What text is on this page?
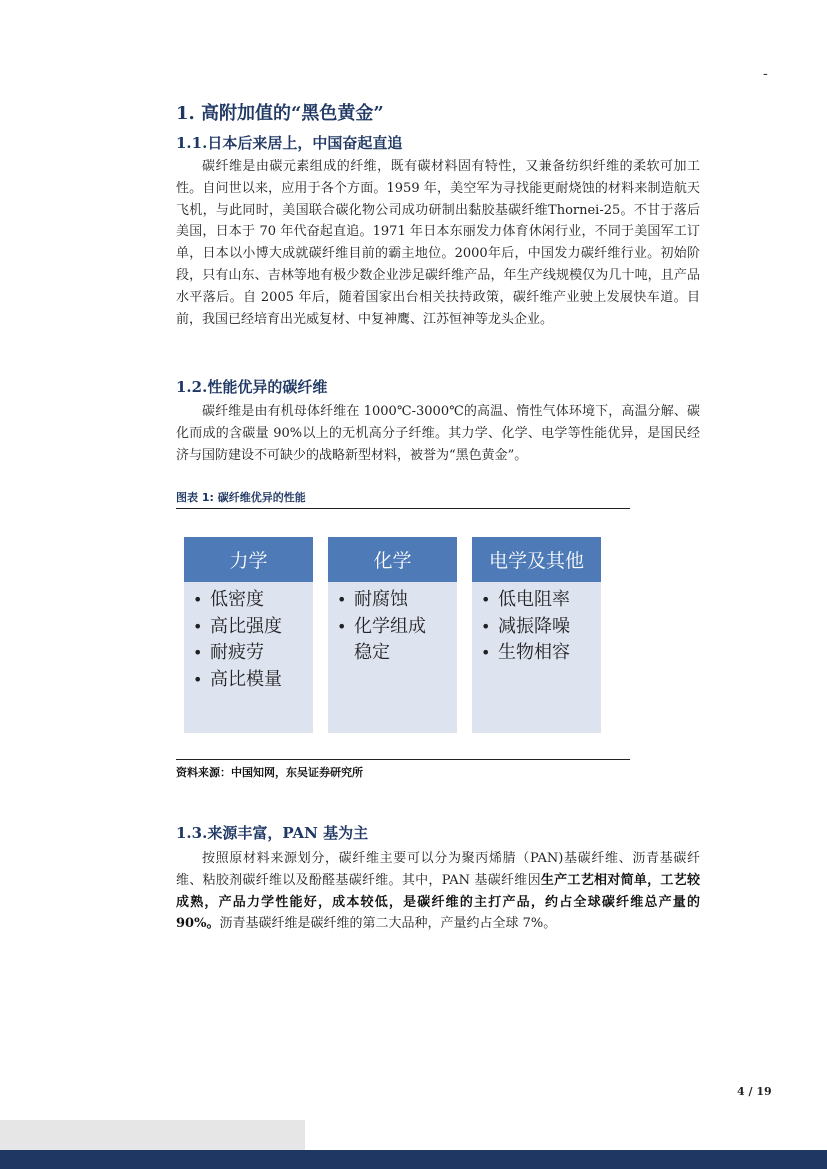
-
1. 高附加值的“黑色黄金”
1.1.日本后来居上，中国奋起直追

碳纤维是由碳元素组成的纤维，既有碳材料固有特性，又兼备纺织纤维的柔软可加工性。自问世以来，应用于各个方面。1959 年，美空军为寻找能更耐烧蚀的材料来制造航天飞机，与此同时，美国联合碳化物公司成功研制出黏胶基碳纤维Thornei-25。不甘于落后美国，日本于 70 年代奋起直追。1971 年日本东丽发力体育休闲行业，不同于美国军工订单，日本以小博大成就碳纤维目前的霸主地位。2000年后，中国发力碳纤维行业。初始阶段，只有山东、吉林等地有极少数企业涉足碳纤维产品，年生产线规模仅为几十吨，且产品水平落后。自 2005 年后，随着国家出台相关扶持政策，碳纤维产业驶上发展快车道。目前，我国已经培育出光威复材、中复神鹰、江苏恒神等龙头企业。

1.2.性能优异的碳纤维

碳纤维是由有机母体纤维在 1000℃-3000℃的高温、惰性气体环境下，高温分解、碳化而成的含碳量 90%以上的无机高分子纤维。其力学、化学、电学等性能优异，是国民经济与国防建设不可缺少的战略新型材料，被誉为“黑色黄金”。

图表 1: 碳纤维优异的性能
力学
• 低密度
• 高比强度
• 耐疲劳
• 高比模量
化学
• 耐腐蚀
• 化学组成稳定
电学及其他
• 低电阻率
• 减振降噪
• 生物相容
资料来源：中国知网，东吴证券研究所
1.3.来源丰富，PAN 基为主

按照原材料来源划分，碳纤维主要可以分为聚丙烯腈（PAN)基碳纤维、沥青基碳纤维、粘胶剂碳纤维以及酚醛基碳纤维。其中，PAN 基碳纤维因生产工艺相对简单，工艺较成熟，产品力学性能好，成本较低，是碳纤维的主打产品，约占全球碳纤维总产量的 90%。沥青基碳纤维是碳纤维的第二大品种，产量约占全球 7%。

4 / 19
